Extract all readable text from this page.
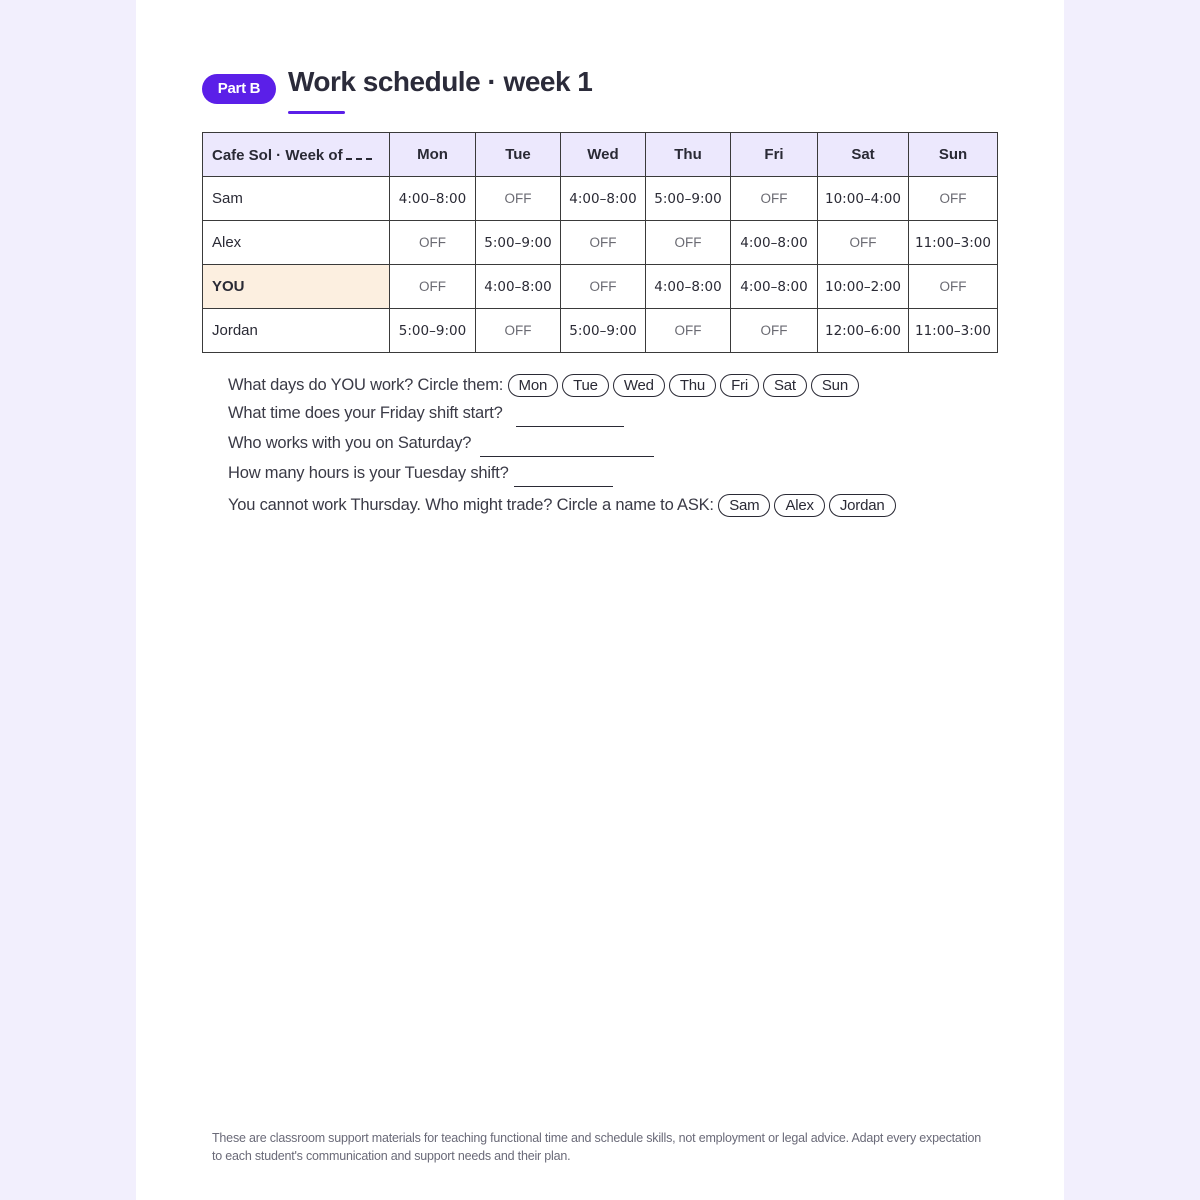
Part B Work schedule · week 1
Cafe Sol · Week of	Mon	Tue	Wed	Thu	Fri	Sat	Sun
Sam	4:00–8:00	OFF	4:00–8:00	5:00–9:00	OFF	10:00–4:00	OFF
Alex	OFF	5:00–9:00	OFF	OFF	4:00–8:00	OFF	11:00–3:00
YOU	OFF	4:00–8:00	OFF	4:00–8:00	4:00–8:00	10:00–2:00	OFF
Jordan	5:00–9:00	OFF	5:00–9:00	OFF	OFF	12:00–6:00	11:00–3:00
What days do YOU work? Circle them: Mon Tue Wed Thu Fri Sat Sun
What time does your Friday shift start?
Who works with you on Saturday?
How many hours is your Tuesday shift?
You cannot work Thursday. Who might trade? Circle a name to ASK: Sam Alex Jordan
These are classroom support materials for teaching functional time and schedule skills, not employment or legal advice. Adapt every expectation to each student's communication and support needs and their plan.
